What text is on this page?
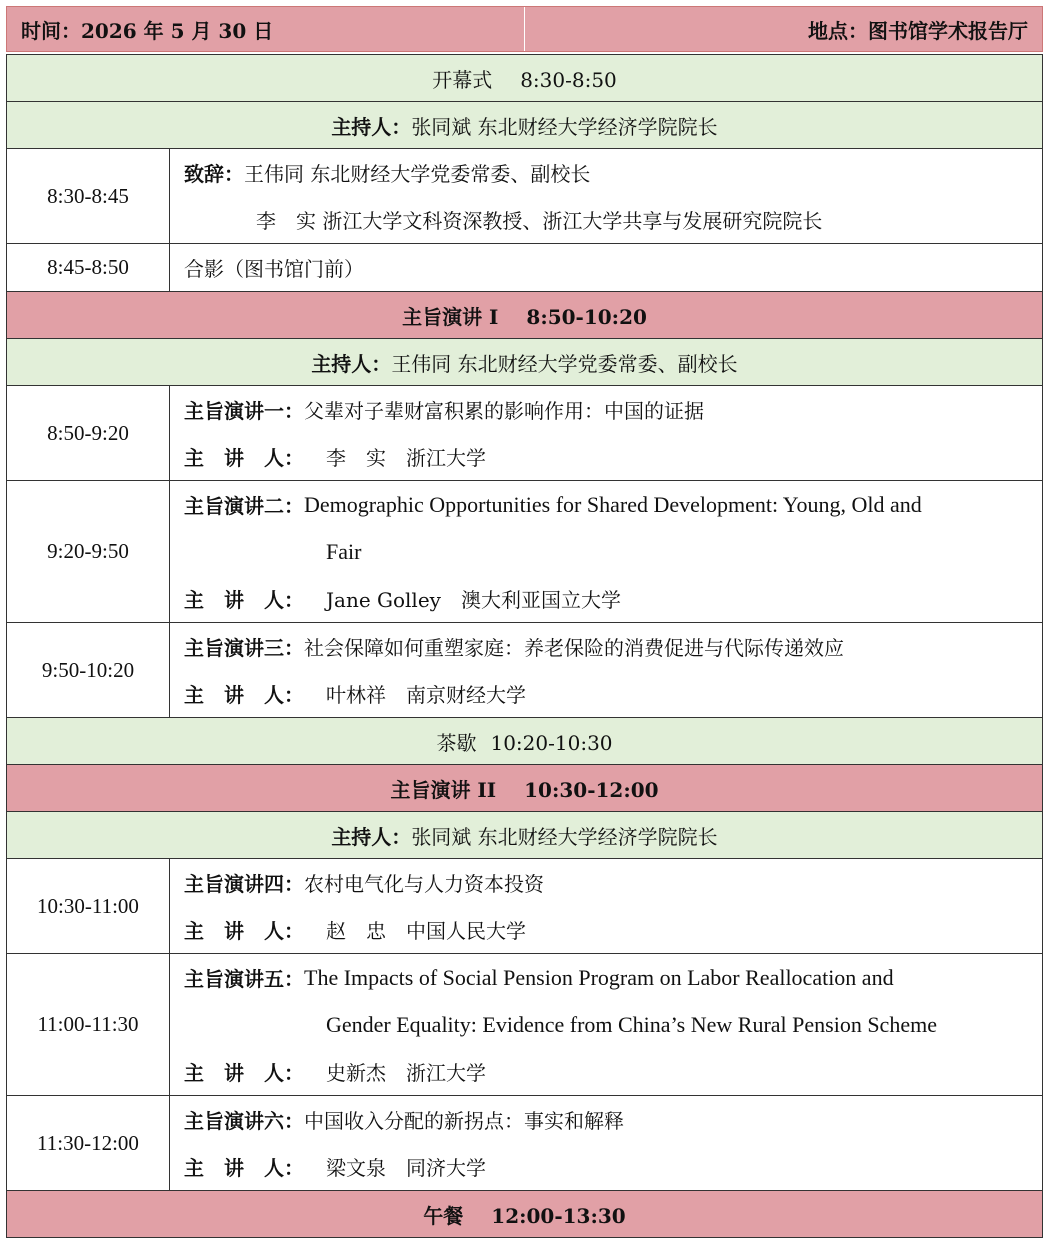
时间：2026 年 5 月 30 日	地点：图书馆学术报告厅
开幕式 8:30-8:50	
主持人：张同斌 东北财经大学经济学院院长	
8:30-8:45	致辞： 王伟同 东北财经大学党委常委、副校长
李　实 浙江大学文科资深教授、浙江大学共享与发展研究院院长

8:45-8:50	合影（图书馆门前）
主旨演讲 I 8:50-10:20	
主持人：王伟同 东北财经大学党委常委、副校长	
8:50-9:20	主旨演讲一： 父辈对子辈财富积累的影响作用：中国的证据
主　讲　人： 李　实　浙江大学

9:20-9:50	主旨演讲二： Demographic Opportunities for Shared Development: Young, Old and
Fair
主　讲　人： Jane Golley　澳大利亚国立大学

9:50-10:20	主旨演讲三： 社会保障如何重塑家庭：养老保险的消费促进与代际传递效应
主　讲　人： 叶林祥　南京财经大学

茶歇 10:20-10:30	
主旨演讲 II 10:30-12:00	
主持人：张同斌 东北财经大学经济学院院长	
10:30-11:00	主旨演讲四： 农村电气化与人力资本投资
主　讲　人： 赵　忠　中国人民大学

11:00-11:30	主旨演讲五： The Impacts of Social Pension Program on Labor Reallocation and
Gender Equality: Evidence from China’s New Rural Pension Scheme
主　讲　人： 史新杰　浙江大学

11:30-12:00	主旨演讲六： 中国收入分配的新拐点：事实和解释
主　讲　人： 梁文泉　同济大学

午餐 12:00-13:30	
